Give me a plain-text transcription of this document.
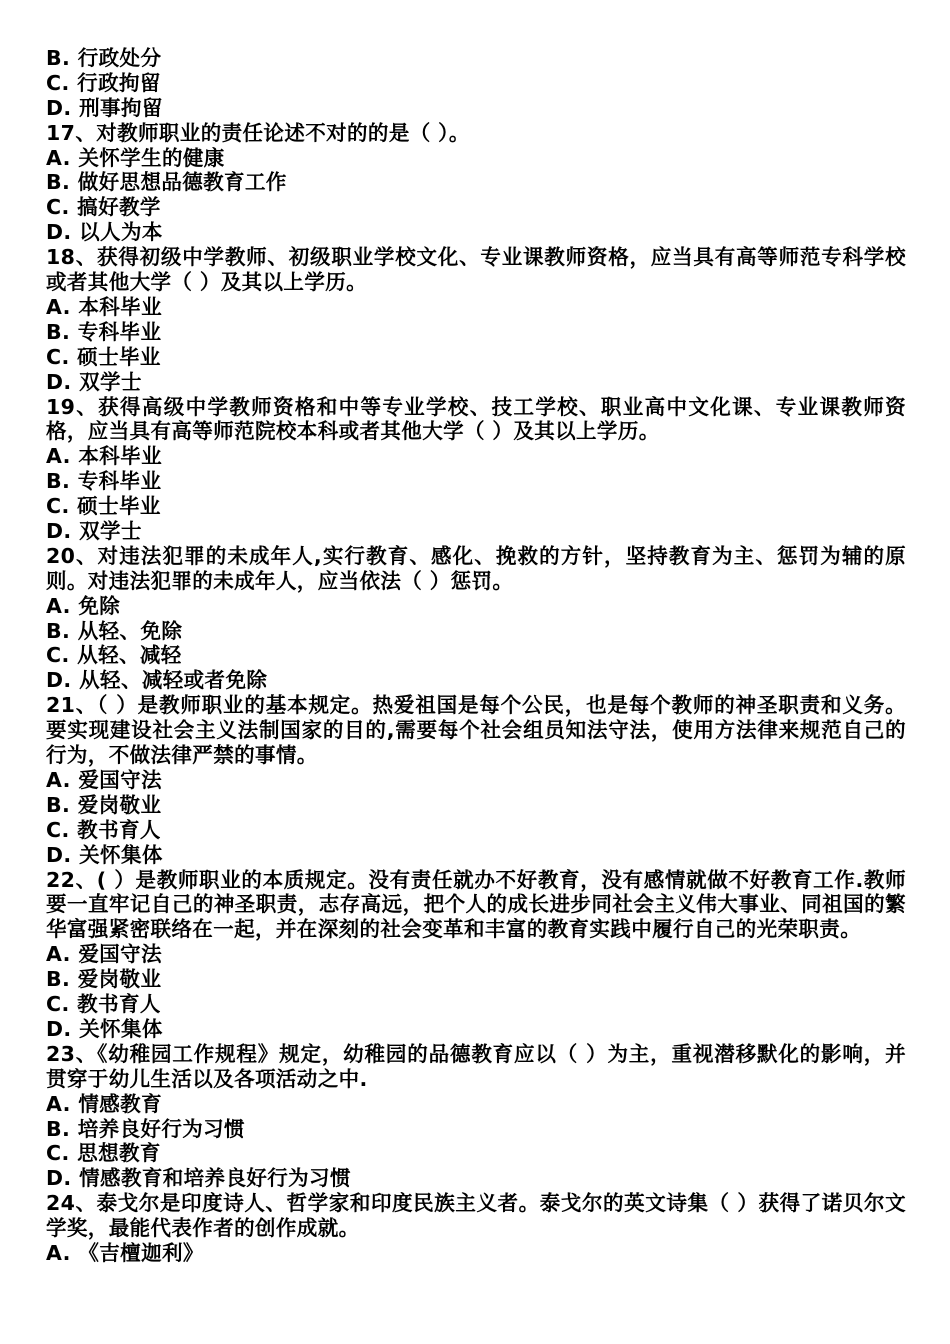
B. 行政处分
C. 行政拘留
D. 刑事拘留
17、对教师职业的责任论述不对的的是（ ）。
A. 关怀学生的健康
B. 做好思想品德教育工作
C. 搞好教学
D. 以人为本
18、获得初级中学教师、初级职业学校文化、专业课教师资格，应当具有高等师范专科学校或者其他大学（ ）及其以上学历。
A. 本科毕业
B. 专科毕业
C. 硕士毕业
D. 双学士
19、获得高级中学教师资格和中等专业学校、技工学校、职业高中文化课、专业课教师资格，应当具有高等师范院校本科或者其他大学（ ）及其以上学历。
A. 本科毕业
B. 专科毕业
C. 硕士毕业
D. 双学士
20、对违法犯罪的未成年人,实行教育、感化、挽救的方针，坚持教育为主、惩罚为辅的原则。对违法犯罪的未成年人，应当依法（ ）惩罚。
A. 免除
B. 从轻、免除
C. 从轻、减轻
D. 从轻、减轻或者免除
21、（ ）是教师职业的基本规定。热爱祖国是每个公民，也是每个教师的神圣职责和义务。要实现建设社会主义法制国家的目的,需要每个社会组员知法守法，使用方法律来规范自己的行为，不做法律严禁的事情。
A. 爱国守法
B. 爱岗敬业
C. 教书育人
D. 关怀集体
22、( ）是教师职业的本质规定。没有责任就办不好教育，没有感情就做不好教育工作.教师要一直牢记自己的神圣职责，志存高远，把个人的成长进步同社会主义伟大事业、同祖国的繁华富强紧密联络在一起，并在深刻的社会变革和丰富的教育实践中履行自己的光荣职责。
A. 爱国守法
B. 爱岗敬业
C. 教书育人
D. 关怀集体
23、《幼稚园工作规程》规定，幼稚园的品德教育应以（ ）为主，重视潜移默化的影响，并贯穿于幼儿生活以及各项活动之中.
A. 情感教育
B. 培养良好行为习惯
C. 思想教育
D. 情感教育和培养良好行为习惯
24、泰戈尔是印度诗人、哲学家和印度民族主义者。泰戈尔的英文诗集（ ）获得了诺贝尔文学奖，最能代表作者的创作成就。
A. 《吉檀迦利》
